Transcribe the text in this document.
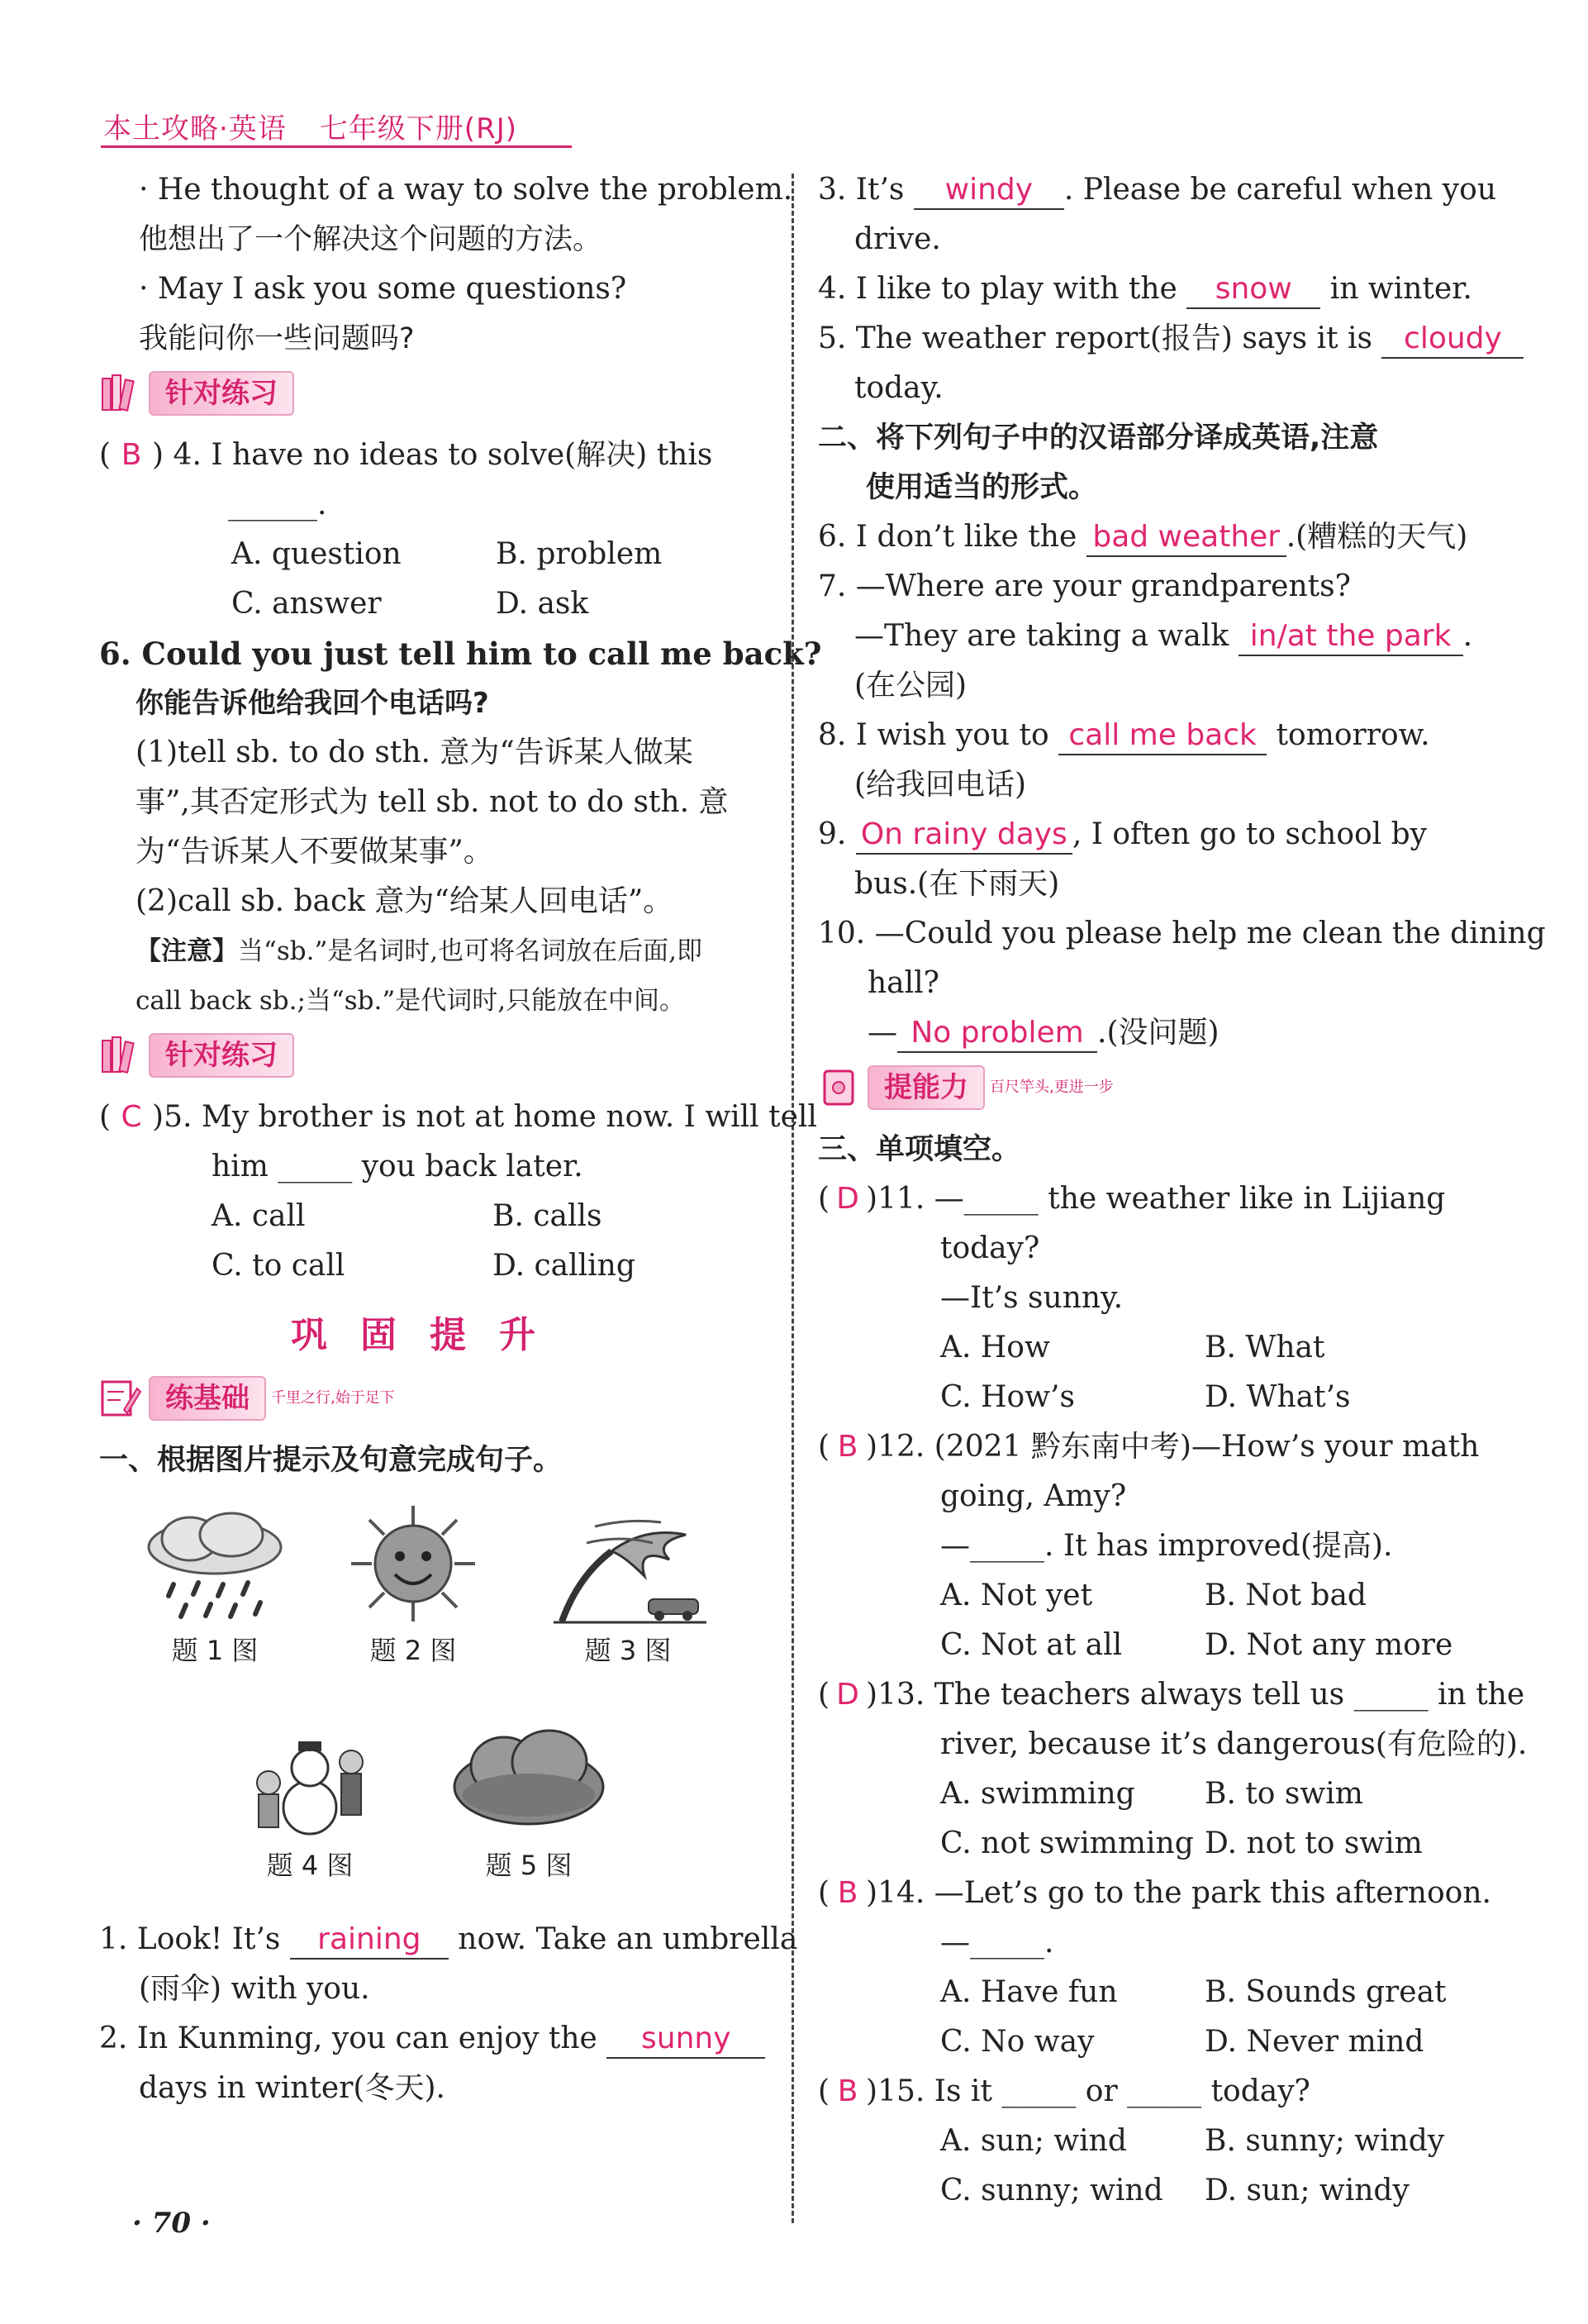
本土攻略·英语 七年级下册(RJ)
· He thought of a way to solve the problem.
他想出了一个解决这个问题的方法。
· May I ask you some questions?
我能问你一些问题吗?
针对练习
( B ) 4. I have no ideas to solve(解决) this
______.
A. question	B. problem
C. answer	D. ask
6. Could you just tell him to call me back?
你能告诉他给我回个电话吗?
(1)tell sb. to do sth. 意为“告诉某人做某
事”,其否定形式为 tell sb. not to do sth. 意
为“告诉某人不要做某事”。
(2)call sb. back 意为“给某人回电话”。
【注意】当“sb.”是名词时,也可将名词放在后面,即
call back sb.;当“sb.”是代词时,只能放在中间。
针对练习
( C )5. My brother is not at home now. I will tell
him _____ you back later.
A. call	B. calls
C. to call	D. calling
巩固提升
练基础	千里之行,始于足下
一、根据图片提示及句意完成句子。
题 1 图	题 2 图	题 3 图
题 4 图	题 5 图
1. Look! It’s raining now. Take an umbrella
(雨伞) with you.
2. In Kunming, you can enjoy the sunny
days in winter(冬天).
3. It’s windy . Please be careful when you
drive.
4. I like to play with the snow in winter.
5. The weather report(报告) says it is cloudy
today.
二、将下列句子中的汉语部分译成英语,注意
使用适当的形式。
6. I don’t like the bad weather .(糟糕的天气)
7. —Where are your grandparents?
—They are taking a walk in/at the park .
(在公园)
8. I wish you to call me back tomorrow.
(给我回电话)
9. On rainy days , I often go to school by
bus.(在下雨天)
10. —Could you please help me clean the dining
hall?
— No problem .(没问题)
提能力	百尺竿头,更进一步
三、单项填空。
( D )11. —_____ the weather like in Lijiang
today?
—It’s sunny.
A. How	B. What
C. How’s	D. What’s
( B )12. (2021 黔东南中考)—How’s your math
going, Amy?
—_____. It has improved(提高).
A. Not yet	B. Not bad
C. Not at all	D. Not any more
( D )13. The teachers always tell us _____ in the
river, because it’s dangerous(有危险的).
A. swimming	B. to swim
C. not swimming D. not to swim
( B )14. —Let’s go to the park this afternoon.
—_____.
A. Have fun	B. Sounds great
C. No way	D. Never mind
( B )15. Is it _____ or _____ today?
A. sun; wind	B. sunny; windy
C. sunny; wind	D. sun; windy
· 70 ·
